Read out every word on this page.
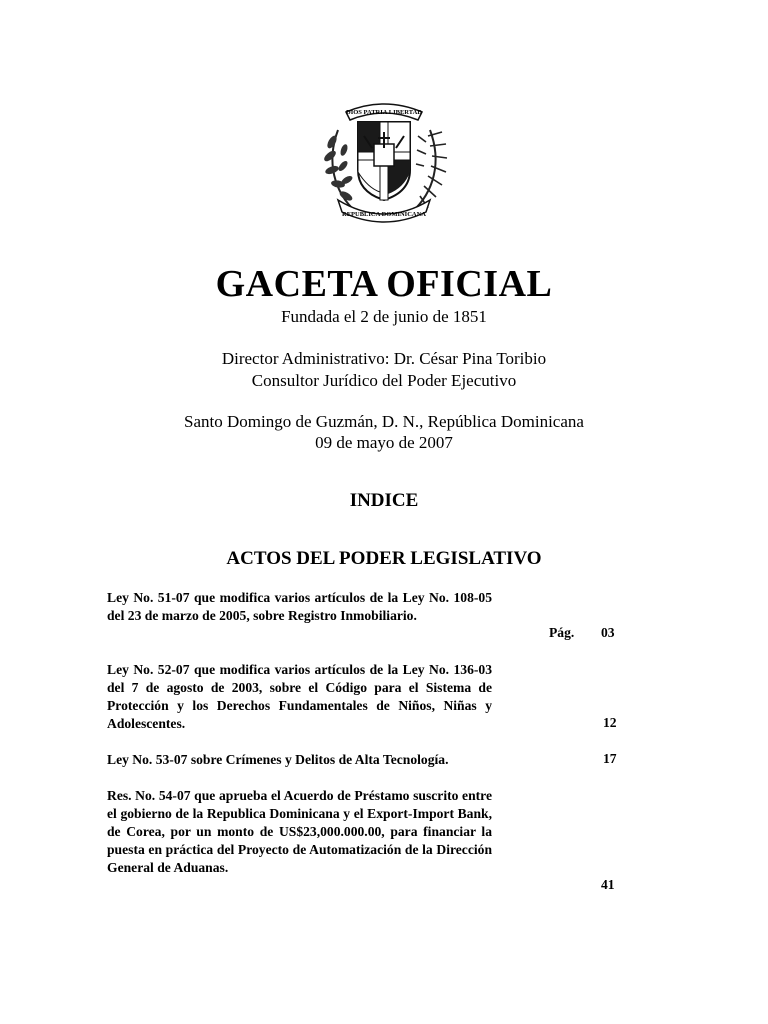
DIOS PATRIA LIBERTAD
REPUBLICA DOMINICANA
GACETA OFICIAL
Fundada el 2 de junio de 1851
Director Administrativo: Dr. César Pina Toribio
Consultor Jurídico del Poder Ejecutivo
Santo Domingo de Guzmán, D. N., República Dominicana
09 de mayo de 2007
INDICE
ACTOS DEL PODER LEGISLATIVO
Ley No. 51-07 que modifica varios artículos de la Ley No. 108-05 del 23 de marzo de 2005, sobre Registro Inmobiliario.
Pág. 03
Ley No. 52-07 que modifica varios artículos de la Ley No. 136-03 del 7 de agosto de 2003, sobre el Código para el Sistema de Protección y los Derechos Fundamentales de Niños, Niñas y Adolescentes.	12
Ley No. 53-07 sobre Crímenes y Delitos de Alta Tecnología.	17
Res. No. 54-07 que aprueba el Acuerdo de Préstamo suscrito entre el gobierno de la Republica Dominicana y el Export-Import Bank, de Corea, por un monto de US$23,000.000.00, para financiar la puesta en práctica del Proyecto de Automatización de la Dirección General de Aduanas.
41
